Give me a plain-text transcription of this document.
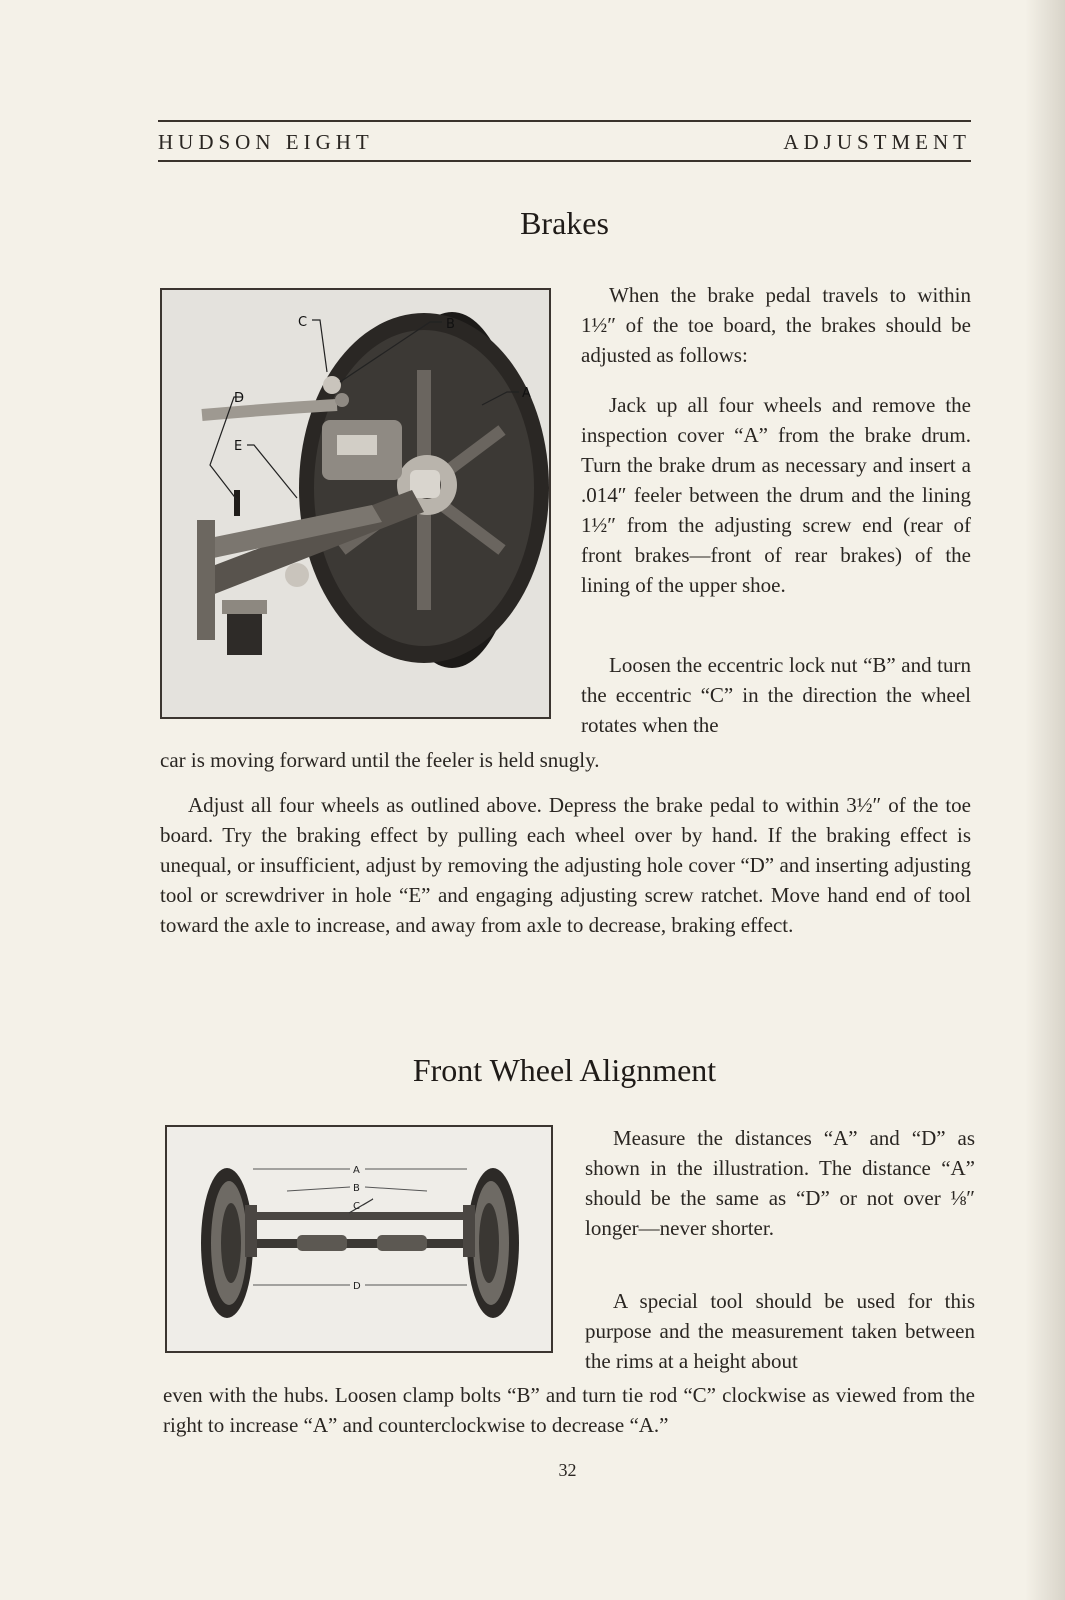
HUDSON EIGHT	ADJUSTMENT
Brakes
C	B
A
D
E

When the brake pedal travels to within 1½″ of the toe board, the brakes should be adjusted as follows:

Jack up all four wheels and remove the inspection cover “A” from the brake drum. Turn the brake drum as necessary and insert a .014″ feeler between the drum and the lining 1½″ from the adjusting screw end (rear of front brakes—front of rear brakes) of the lining of the upper shoe.

Loosen the eccentric lock nut “B” and turn the eccentric “C” in the direction the wheel rotates when the

car is moving forward until the feeler is held snugly.

Adjust all four wheels as outlined above. Depress the brake pedal to within 3½″ of the toe board. Try the braking effect by pulling each wheel over by hand. If the braking effect is unequal, or insufficient, adjust by removing the adjusting hole cover “D” and inserting adjusting tool or screwdriver in hole “E” and engaging adjusting screw ratchet. Move hand end of tool toward the axle to increase, and away from axle to decrease, braking effect.

Front Wheel Alignment
A
B
C
D

Measure the distances “A” and “D” as shown in the illustration. The distance “A” should be the same as “D” or not over ⅛″ longer—never shorter.

A special tool should be used for this purpose and the measurement taken between the rims at a height about

even with the hubs. Loosen clamp bolts “B” and turn tie rod “C” clockwise as viewed from the right to increase “A” and counterclockwise to decrease “A.”

32
